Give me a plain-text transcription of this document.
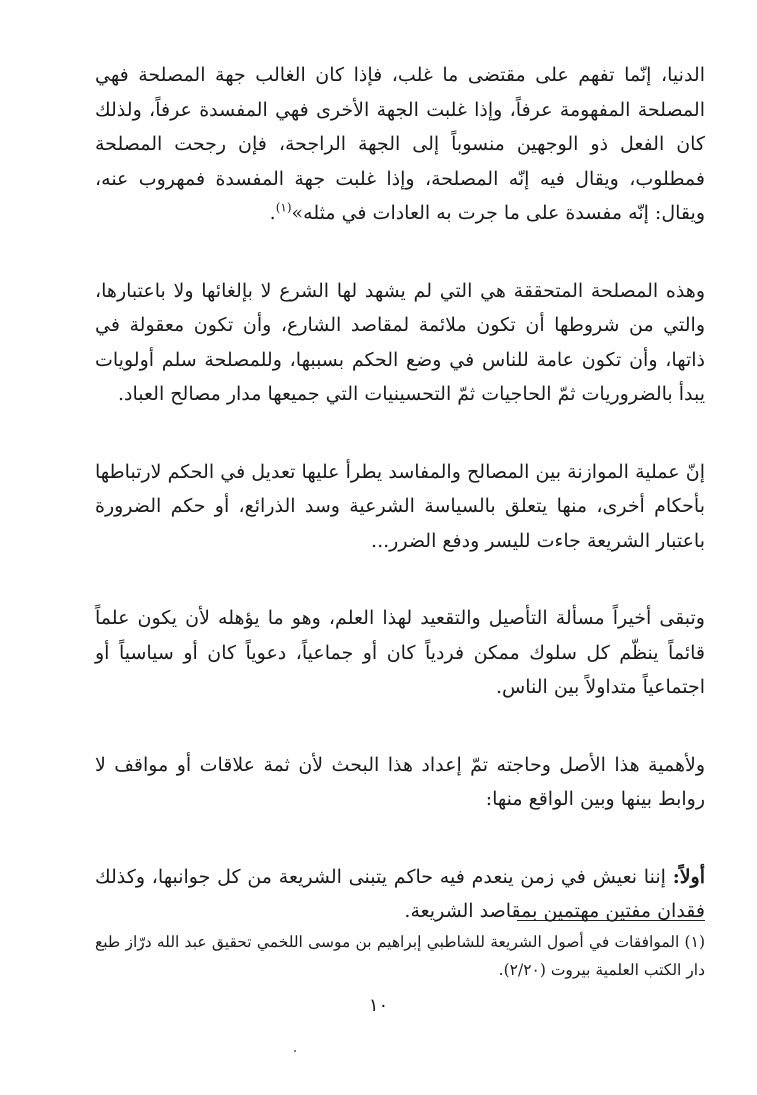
الدنيا، إنّما تفهم على مقتضى ما غلب، فإذا كان الغالب جهة المصلحة فهي المصلحة المفهومة عرفاً، وإذا غلبت الجهة الأخرى فهي المفسدة عرفاً، ولذلك كان الفعل ذو الوجهين منسوباً إلى الجهة الراجحة، فإن رجحت المصلحة فمطلوب، ويقال فيه إنّه المصلحة، وإذا غلبت جهة المفسدة فمهروب عنه، ويقال: إنّه مفسدة على ما جرت به العادات في مثله»$^{(١)}$.

وهذه المصلحة المتحققة هي التي لم يشهد لها الشرع لا بإلغائها ولا باعتبارها، والتي من شروطها أن تكون ملائمة لمقاصد الشارع، وأن تكون معقولة في ذاتها، وأن تكون عامة للناس في وضع الحكم بسببها، وللمصلحة سلم أولويات يبدأ بالضروريات ثمّ الحاجيات ثمّ التحسينيات التي جميعها مدار مصالح العباد.

إنّ عملية الموازنة بين المصالح والمفاسد يطرأ عليها تعديل في الحكم لارتباطها بأحكام أخرى، منها يتعلق بالسياسة الشرعية وسد الذرائع، أو حكم الضرورة باعتبار الشريعة جاءت لليسر ودفع الضرر...

وتبقى أخيراً مسألة التأصيل والتقعيد لهذا العلم، وهو ما يؤهله لأن يكون علماً قائماً ينظّم كل سلوك ممكن فردياً كان أو جماعياً، دعوياً كان أو سياسياً أو اجتماعياً متداولاً بين الناس.

ولأهمية هذا الأصل وحاجته تمّ إعداد هذا البحث لأن ثمة علاقات أو مواقف لا روابط بينها وبين الواقع منها:

أولاً: إننا نعيش في زمن ينعدم فيه حاكم يتبنى الشريعة من كل جوانبها، وكذلك فقدان مفتين مهتمين بمقاصد الشريعة.

(١) الموافقات في أصول الشريعة للشاطبي إبراهيم بن موسى اللخمي تحقيق عبد الله درّاز طبع دار الكتب العلمية بيروت (٢/٢٠).

١٠
